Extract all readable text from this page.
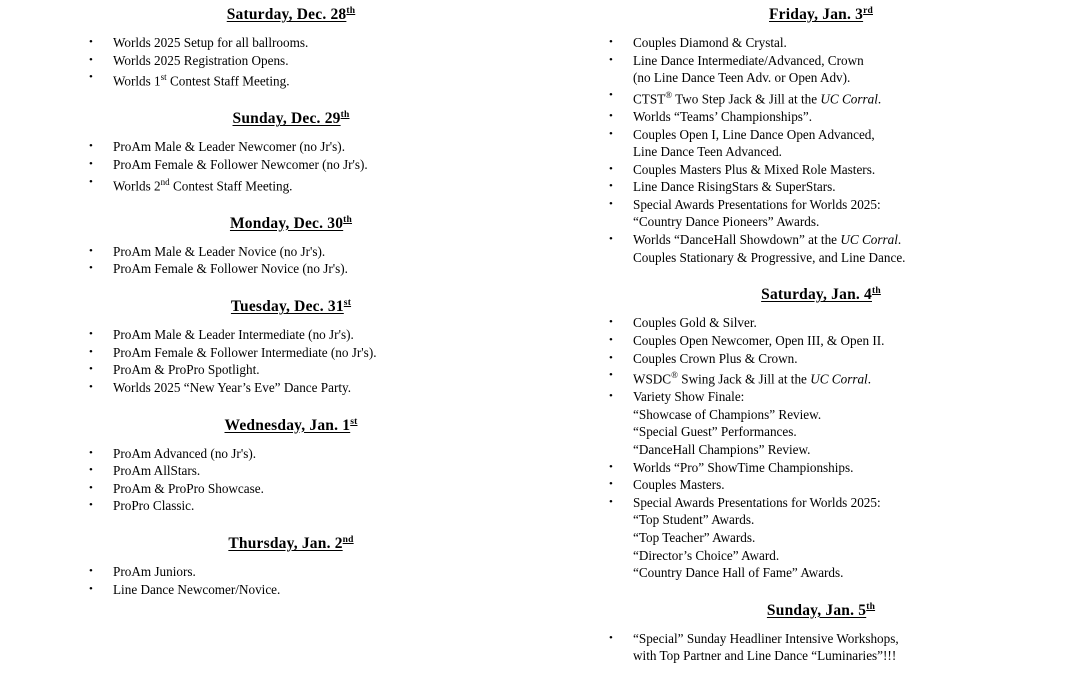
Saturday, Dec. 28th
• Worlds 2025 Setup for all ballrooms.
• Worlds 2025 Registration Opens.
• Worlds 1st Contest Staff Meeting.
Sunday, Dec. 29th
• ProAm Male & Leader Newcomer (no Jr's).
• ProAm Female & Follower Newcomer (no Jr's).
• Worlds 2nd Contest Staff Meeting.
Monday, Dec. 30th
• ProAm Male & Leader Novice (no Jr's).
• ProAm Female & Follower Novice (no Jr's).
Tuesday, Dec. 31st
• ProAm Male & Leader Intermediate (no Jr's).
• ProAm Female & Follower Intermediate (no Jr's).
• ProAm & ProPro Spotlight.
• Worlds 2025 “New Year’s Eve” Dance Party.
Wednesday, Jan. 1st
• ProAm Advanced (no Jr's).
• ProAm AllStars.
• ProAm & ProPro Showcase.
• ProPro Classic.
Thursday, Jan. 2nd
• ProAm Juniors.
• Line Dance Newcomer/Novice.
Friday, Jan. 3rd
• Couples Diamond & Crystal.
• Line Dance Intermediate/Advanced, Crown
(no Line Dance Teen Adv. or Open Adv).
• CTST® Two Step Jack & Jill at the UC Corral.
• Worlds “Teams’ Championships”.
• Couples Open I, Line Dance Open Advanced,
Line Dance Teen Advanced.
• Couples Masters Plus & Mixed Role Masters.
• Line Dance RisingStars & SuperStars.
• Special Awards Presentations for Worlds 2025:
“Country Dance Pioneers” Awards.
• Worlds “DanceHall Showdown” at the UC Corral.
Couples Stationary & Progressive, and Line Dance.
Saturday, Jan. 4th
• Couples Gold & Silver.
• Couples Open Newcomer, Open III, & Open II.
• Couples Crown Plus & Crown.
• WSDC® Swing Jack & Jill at the UC Corral.
• Variety Show Finale:
“Showcase of Champions” Review.
“Special Guest” Performances.
“DanceHall Champions” Review.
• Worlds “Pro” ShowTime Championships.
• Couples Masters.
• Special Awards Presentations for Worlds 2025:
“Top Student” Awards.
“Top Teacher” Awards.
“Director’s Choice” Award.
“Country Dance Hall of Fame” Awards.
Sunday, Jan. 5th
• “Special” Sunday Headliner Intensive Workshops,
with Top Partner and Line Dance “Luminaries”!!!
